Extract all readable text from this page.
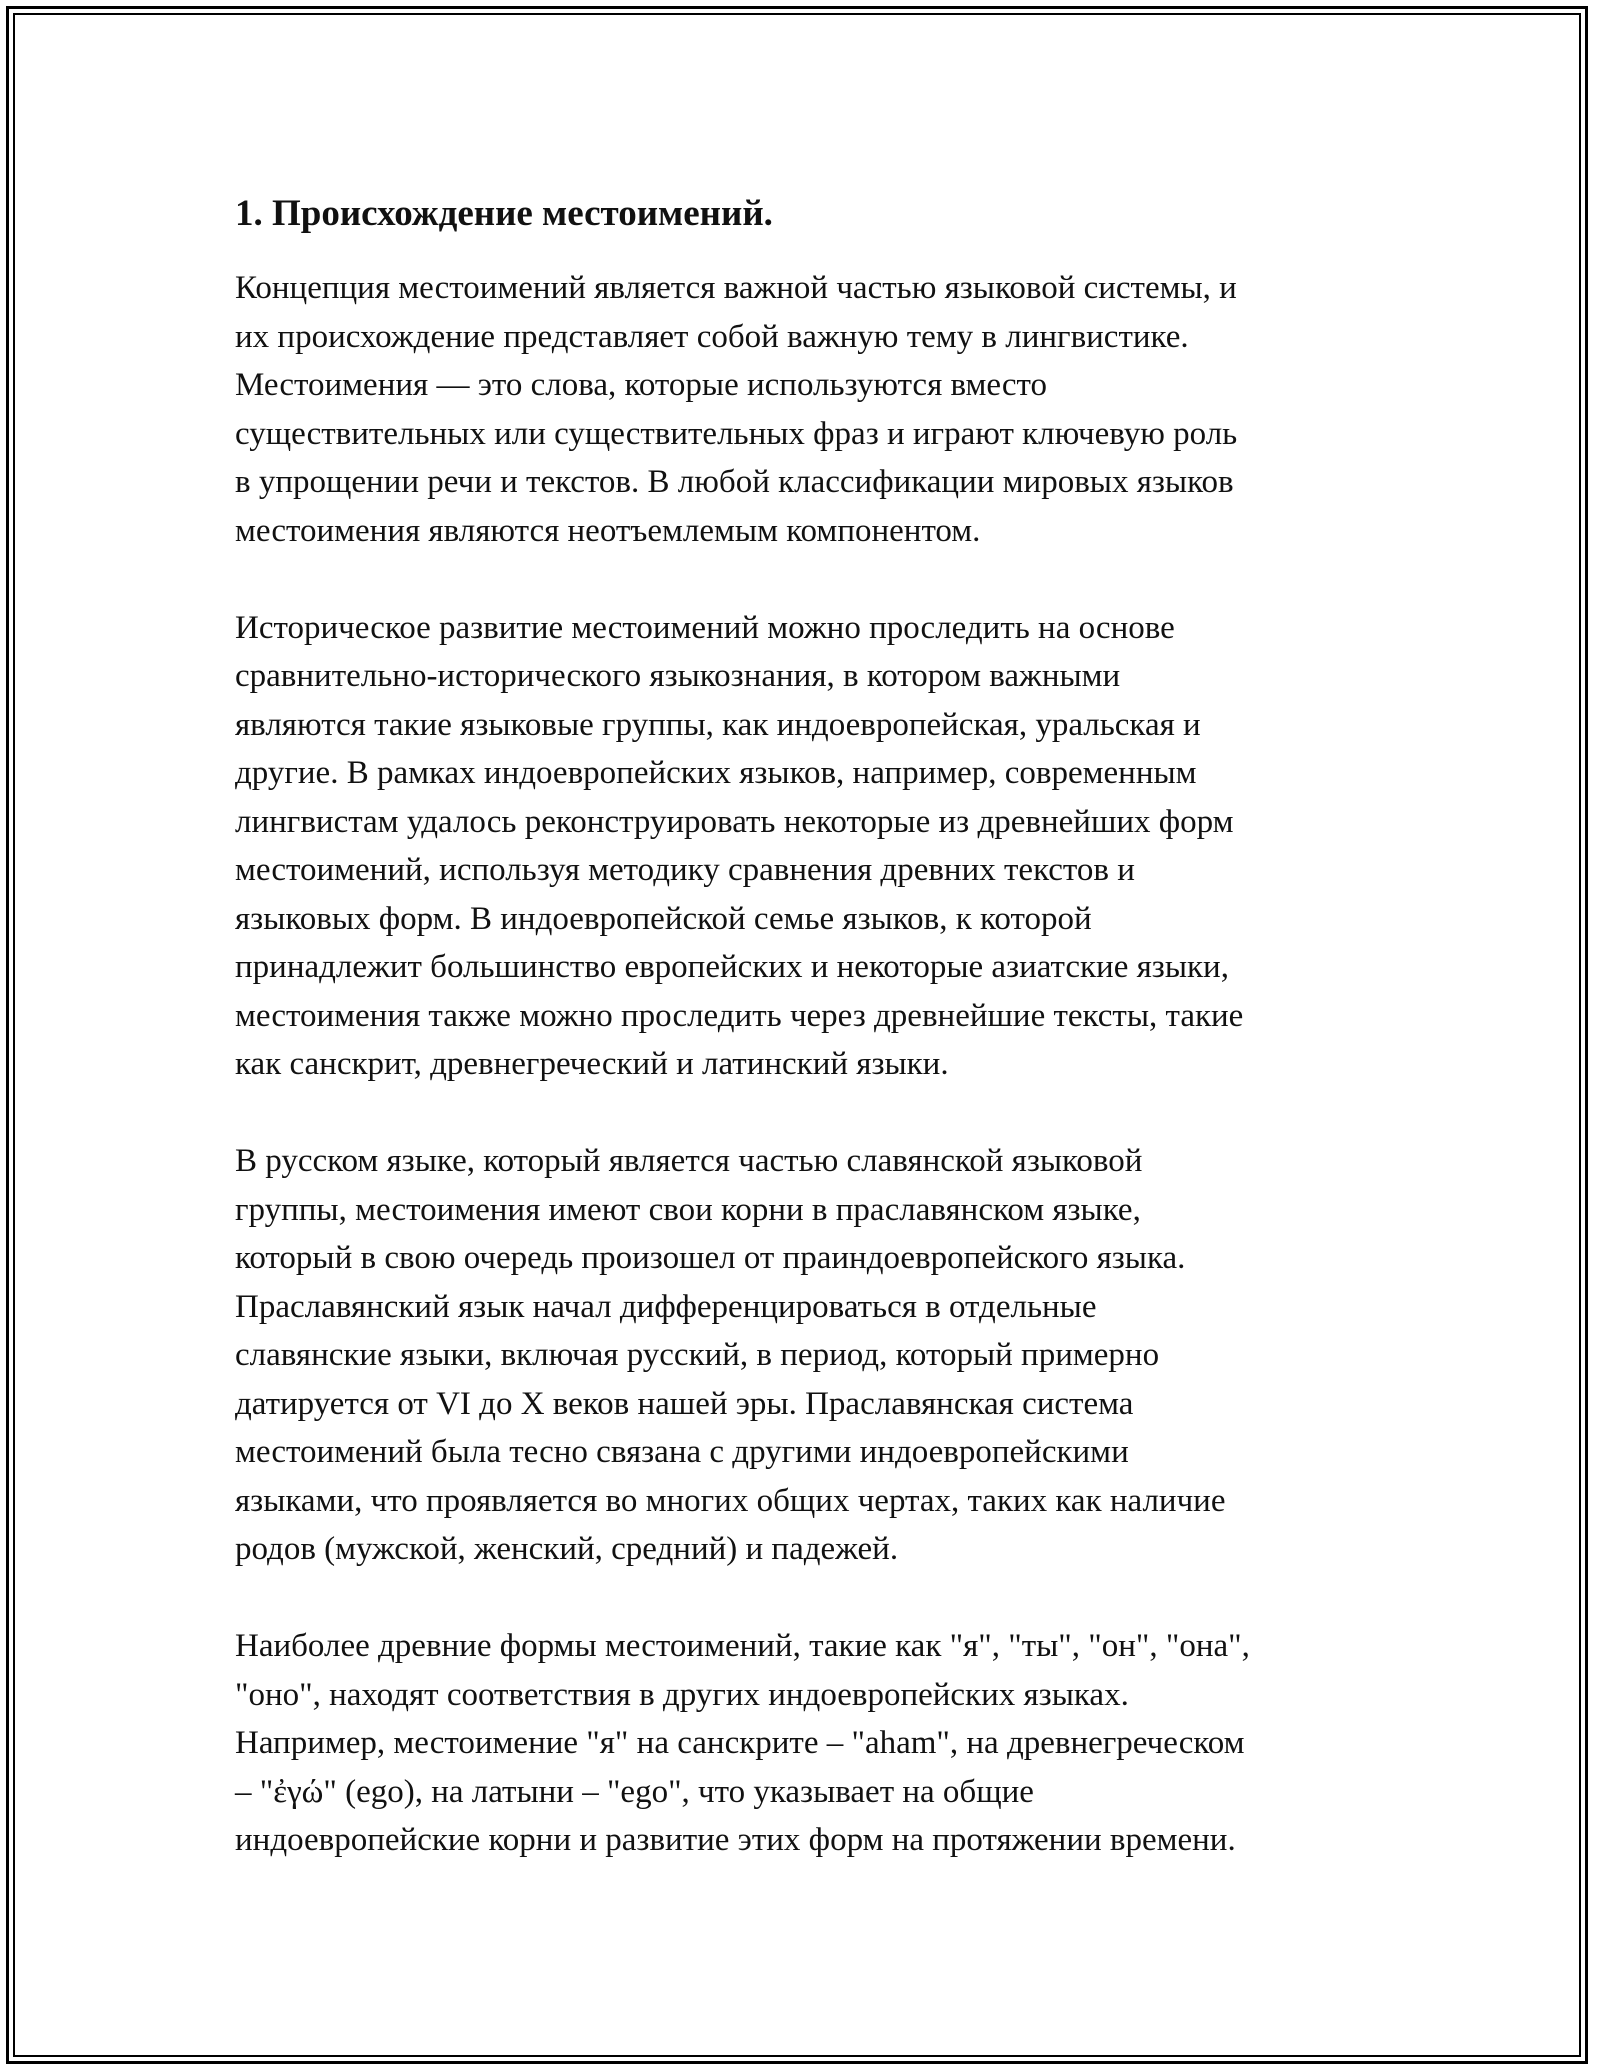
1. Происхождение местоимений.
Концепция местоимений является важной частью языковой системы, и
их происхождение представляет собой важную тему в лингвистике.
Местоимения — это слова, которые используются вместо
существительных или существительных фраз и играют ключевую роль
в упрощении речи и текстов. В любой классификации мировых языков
местоимения являются неотъемлемым компонентом.
Историческое развитие местоимений можно проследить на основе
сравнительно-исторического языкознания, в котором важными
являются такие языковые группы, как индоевропейская, уральская и
другие. В рамках индоевропейских языков, например, современным
лингвистам удалось реконструировать некоторые из древнейших форм
местоимений, используя методику сравнения древних текстов и
языковых форм. В индоевропейской семье языков, к которой
принадлежит большинство европейских и некоторые азиатские языки,
местоимения также можно проследить через древнейшие тексты, такие
как санскрит, древнегреческий и латинский языки.
В русском языке, который является частью славянской языковой
группы, местоимения имеют свои корни в праславянском языке,
который в свою очередь произошел от праиндоевропейского языка.
Праславянский язык начал дифференцироваться в отдельные
славянские языки, включая русский, в период, который примерно
датируется от VI до X веков нашей эры. Праславянская система
местоимений была тесно связана с другими индоевропейскими
языками, что проявляется во многих общих чертах, таких как наличие
родов (мужской, женский, средний) и падежей.
Наиболее древние формы местоимений, такие как "я", "ты", "он", "она",
"оно", находят соответствия в других индоевропейских языках.
Например, местоимение "я" на санскрите – "aham", на древнегреческом
– "ἐγώ" (ego), на латыни – "ego", что указывает на общие
индоевропейские корни и развитие этих форм на протяжении времени.
